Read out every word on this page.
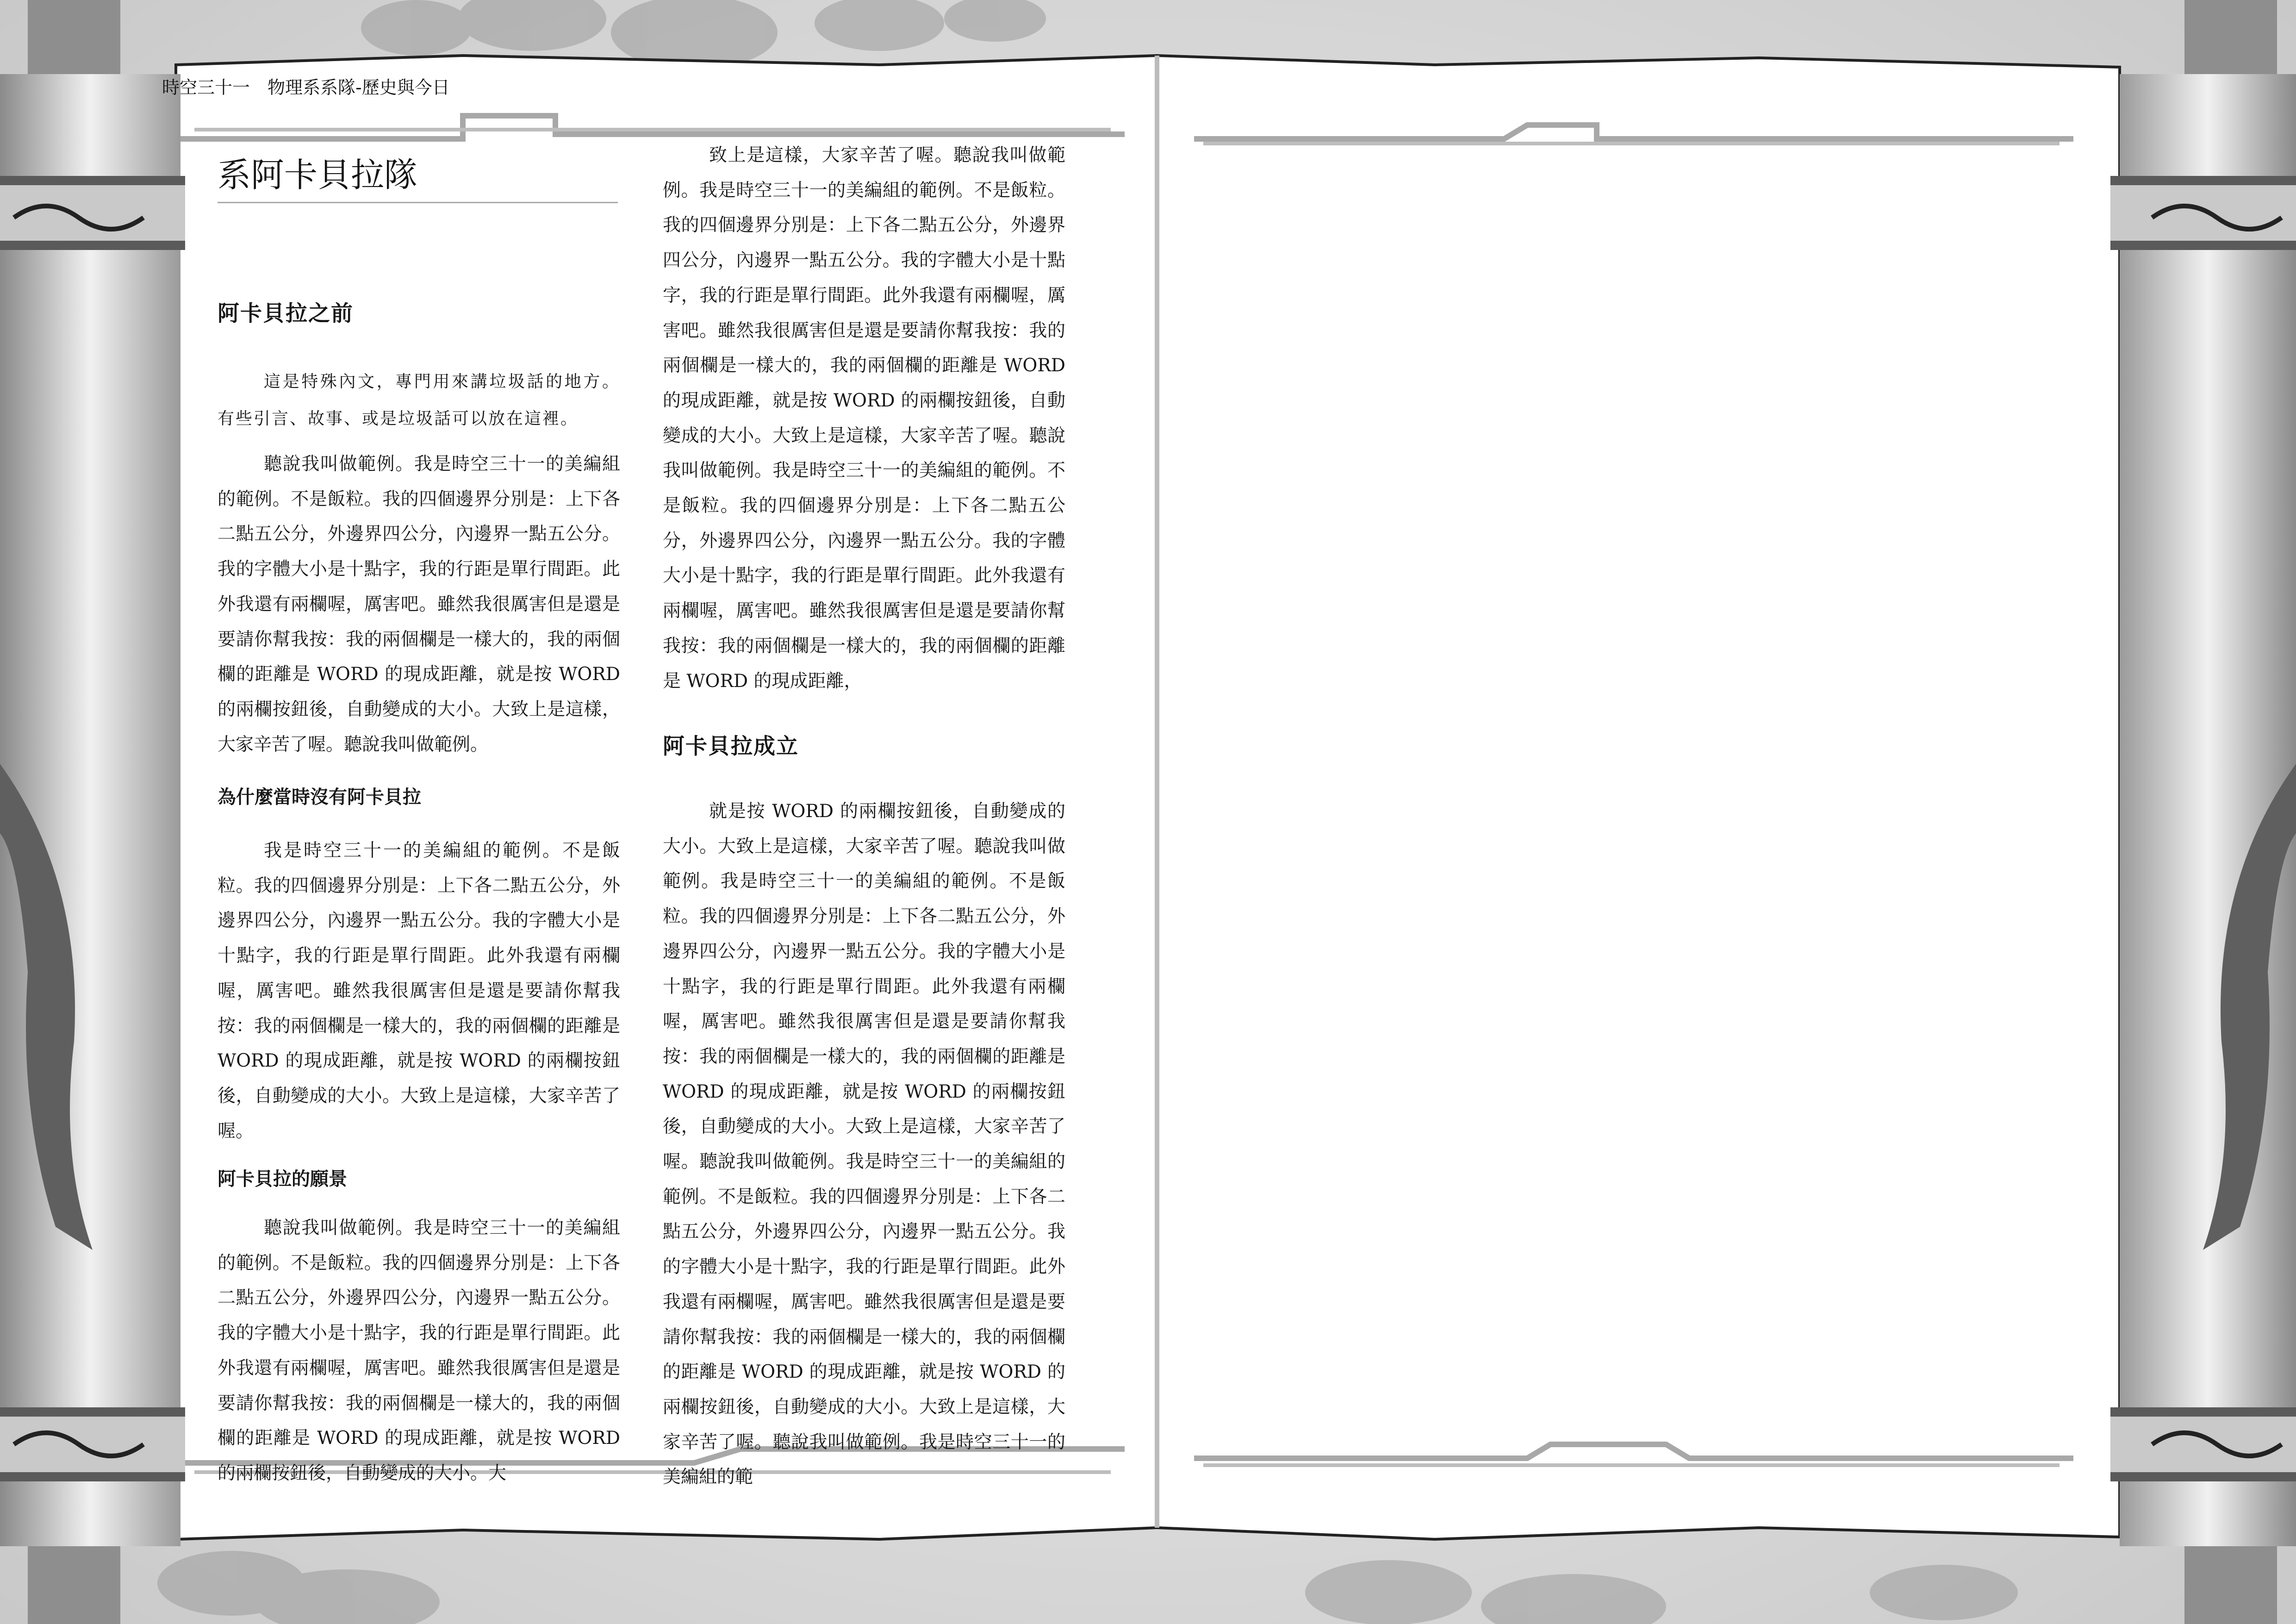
時空三十一　物理系系隊-歷史與今日
系阿卡貝拉隊
阿卡貝拉之前
這是特殊內文，專門用來講垃圾話的地方。有些引言、故事、或是垃圾話可以放在這裡。
聽說我叫做範例。我是時空三十一的美編組的範例。不是飯粒。我的四個邊界分別是：上下各二點五公分，外邊界四公分，內邊界一點五公分。我的字體大小是十點字，我的行距是單行間距。此外我還有兩欄喔，厲害吧。雖然我很厲害但是還是要請你幫我按：我的兩個欄是一樣大的，我的兩個欄的距離是 WORD 的現成距離，就是按 WORD 的兩欄按鈕後，自動變成的大小。大致上是這樣，大家辛苦了喔。聽說我叫做範例。
為什麼當時沒有阿卡貝拉
我是時空三十一的美編組的範例。不是飯粒。我的四個邊界分別是：上下各二點五公分，外邊界四公分，內邊界一點五公分。我的字體大小是十點字，我的行距是單行間距。此外我還有兩欄喔，厲害吧。雖然我很厲害但是還是要請你幫我按：我的兩個欄是一樣大的，我的兩個欄的距離是 WORD 的現成距離，就是按 WORD 的兩欄按鈕後，自動變成的大小。大致上是這樣，大家辛苦了喔。
阿卡貝拉的願景
聽說我叫做範例。我是時空三十一的美編組的範例。不是飯粒。我的四個邊界分別是：上下各二點五公分，外邊界四公分，內邊界一點五公分。我的字體大小是十點字，我的行距是單行間距。此外我還有兩欄喔，厲害吧。雖然我很厲害但是還是要請你幫我按：我的兩個欄是一樣大的，我的兩個欄的距離是 WORD 的現成距離，就是按 WORD 的兩欄按鈕後，自動變成的大小。大
致上是這樣，大家辛苦了喔。聽說我叫做範例。我是時空三十一的美編組的範例。不是飯粒。我的四個邊界分別是：上下各二點五公分，外邊界四公分，內邊界一點五公分。我的字體大小是十點字，我的行距是單行間距。此外我還有兩欄喔，厲害吧。雖然我很厲害但是還是要請你幫我按：我的兩個欄是一樣大的，我的兩個欄的距離是 WORD 的現成距離，就是按 WORD 的兩欄按鈕後，自動變成的大小。大致上是這樣，大家辛苦了喔。聽說我叫做範例。我是時空三十一的美編組的範例。不是飯粒。我的四個邊界分別是：上下各二點五公分，外邊界四公分，內邊界一點五公分。我的字體大小是十點字，我的行距是單行間距。此外我還有兩欄喔，厲害吧。雖然我很厲害但是還是要請你幫我按：我的兩個欄是一樣大的，我的兩個欄的距離是 WORD 的現成距離，
阿卡貝拉成立
就是按 WORD 的兩欄按鈕後，自動變成的大小。大致上是這樣，大家辛苦了喔。聽說我叫做範例。我是時空三十一的美編組的範例。不是飯粒。我的四個邊界分別是：上下各二點五公分，外邊界四公分，內邊界一點五公分。我的字體大小是十點字，我的行距是單行間距。此外我還有兩欄喔，厲害吧。雖然我很厲害但是還是要請你幫我按：我的兩個欄是一樣大的，我的兩個欄的距離是 WORD 的現成距離，就是按 WORD 的兩欄按鈕後，自動變成的大小。大致上是這樣，大家辛苦了喔。聽說我叫做範例。我是時空三十一的美編組的範例。不是飯粒。我的四個邊界分別是：上下各二點五公分，外邊界四公分，內邊界一點五公分。我的字體大小是十點字，我的行距是單行間距。此外我還有兩欄喔，厲害吧。雖然我很厲害但是還是要請你幫我按：我的兩個欄是一樣大的，我的兩個欄的距離是 WORD 的現成距離，就是按 WORD 的兩欄按鈕後，自動變成的大小。大致上是這樣，大家辛苦了喔。聽說我叫做範例。我是時空三十一的美編組的範
